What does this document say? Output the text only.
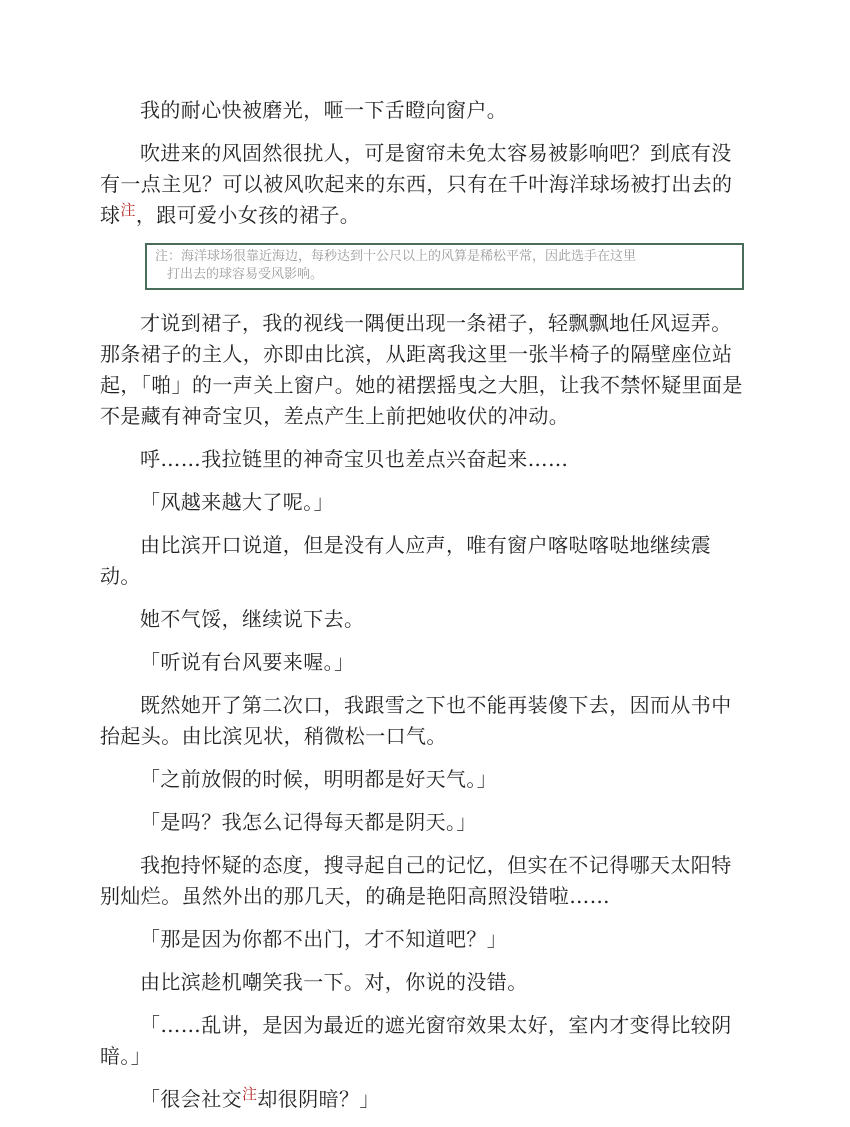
我的耐心快被磨光，咂一下舌瞪向窗户。

吹进来的风固然很扰人，可是窗帘未免太容易被影响吧？到底有没有一点主见？可以被风吹起来的东西，只有在千叶海洋球场被打出去的球$^注$，跟可爱小女孩的裙子。

注：海洋球场很靠近海边，每秒达到十公尺以上的风算是稀松平常，因此选手在这里
打出去的球容易受风影响。

才说到裙子，我的视线一隅便出现一条裙子，轻飘飘地任风逗弄。那条裙子的主人，亦即由比滨，从距离我这里一张半椅子的隔壁座位站起，「啪」的一声关上窗户。她的裙摆摇曳之大胆，让我不禁怀疑里面是不是藏有神奇宝贝，差点产生上前把她收伏的冲动。

呼……我拉链里的神奇宝贝也差点兴奋起来……

「风越来越大了呢。」

由比滨开口说道，但是没有人应声，唯有窗户喀哒喀哒地继续震动。

她不气馁，继续说下去。

「听说有台风要来喔。」

既然她开了第二次口，我跟雪之下也不能再装傻下去，因而从书中抬起头。由比滨见状，稍微松一口气。

「之前放假的时候，明明都是好天气。」

「是吗？我怎么记得每天都是阴天。」

我抱持怀疑的态度，搜寻起自己的记忆，但实在不记得哪天太阳特别灿烂。虽然外出的那几天，的确是艳阳高照没错啦……

「那是因为你都不出门，才不知道吧？」

由比滨趁机嘲笑我一下。对，你说的没错。

「……乱讲，是因为最近的遮光窗帘效果太好，室内才变得比较阴暗。」

「很会社交$^注$却很阴暗？」
